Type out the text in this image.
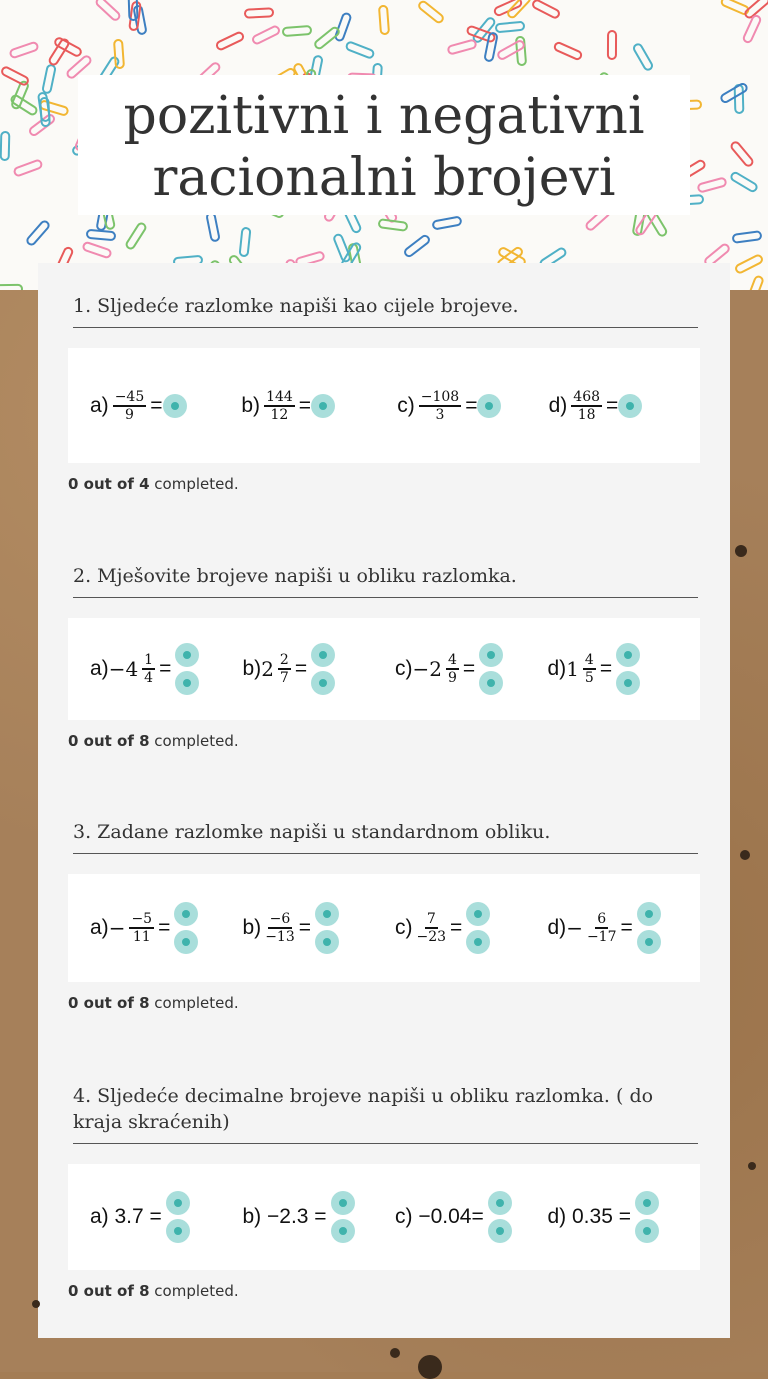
pozitivni i negativni racionalni brojevi
1. Sljedeće razlomke napiši kao cijele brojeve.
$a) \frac{-45}{9}$ =	$b) \frac{144}{12}$ =	$c) \frac{-108}{3}$ =	$d) \frac{468}{18}$ =
0 out of 4 completed.
2. Mješovite brojeve napiši u obliku razlomka.
$a) -4 \frac{1}{4}$ =	b) $2 \frac{2}{7}$ =	$c) -2 \frac{4}{9}$ =	d) $1 \frac{4}{5}$ =
0 out of 8 completed.
3. Zadane razlomke napiši u standardnom obliku.
$a) - \frac{-5}{11}$ =	$b) \frac{-6}{-13}$ =	$c) \frac{7}{-23}$ =	$d) - \frac{6}{-17}$ =
0 out of 8 completed.
4. Sljedeće decimalne brojeve napiši u obliku razlomka. ( do kraja skraćenih)
a) 3.7 =	b) −2.3 =	c) −0.04=	d) 0.35 =
0 out of 8 completed.
